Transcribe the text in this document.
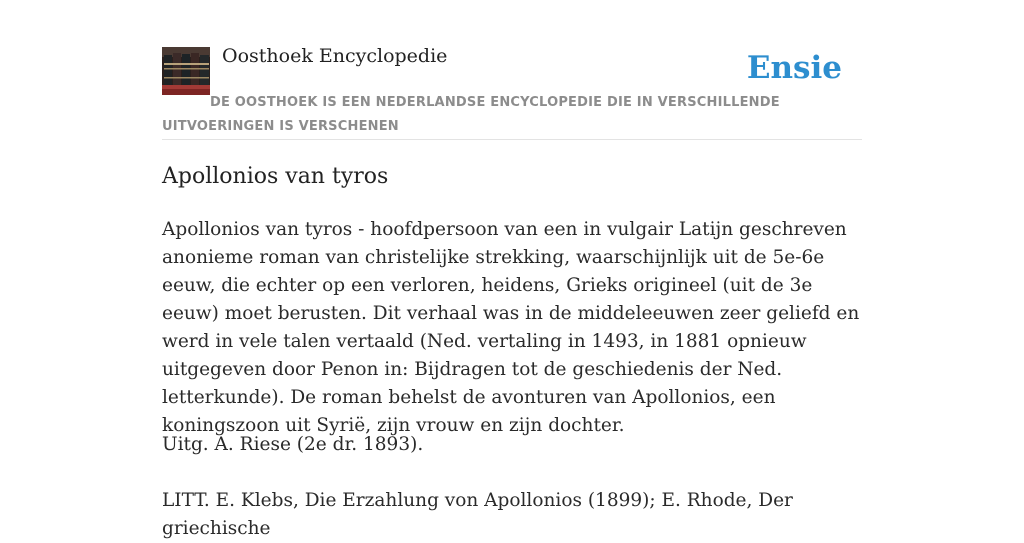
Oosthoek Encyclopedie	Ensie
DE OOSTHOEK IS EEN NEDERLANDSE ENCYCLOPEDIE DIE IN VERSCHILLENDE UITVOERINGEN IS VERSCHENEN
Apollonios van tyros

Apollonios van tyros - hoofdpersoon van een in vulgair Latijn geschreven anonieme roman van christelijke strekking, waarschijnlijk uit de 5e-6e eeuw, die echter op een verloren, heidens, Grieks origineel (uit de 3e eeuw) moet berusten. Dit verhaal was in de middeleeuwen zeer geliefd en werd in vele talen vertaald (Ned. vertaling in 1493, in 1881 opnieuw uitgegeven door Penon in: Bijdragen tot de geschiedenis der Ned. letterkunde). De roman behelst de avonturen van Apollonios, een koningszoon uit Syrië, zijn vrouw en zijn dochter.

Uitg. A. Riese (2e dr. 1893).

LITT. E. Klebs, Die Erzahlung von Apollonios (1899); E. Rhode, Der griechische
